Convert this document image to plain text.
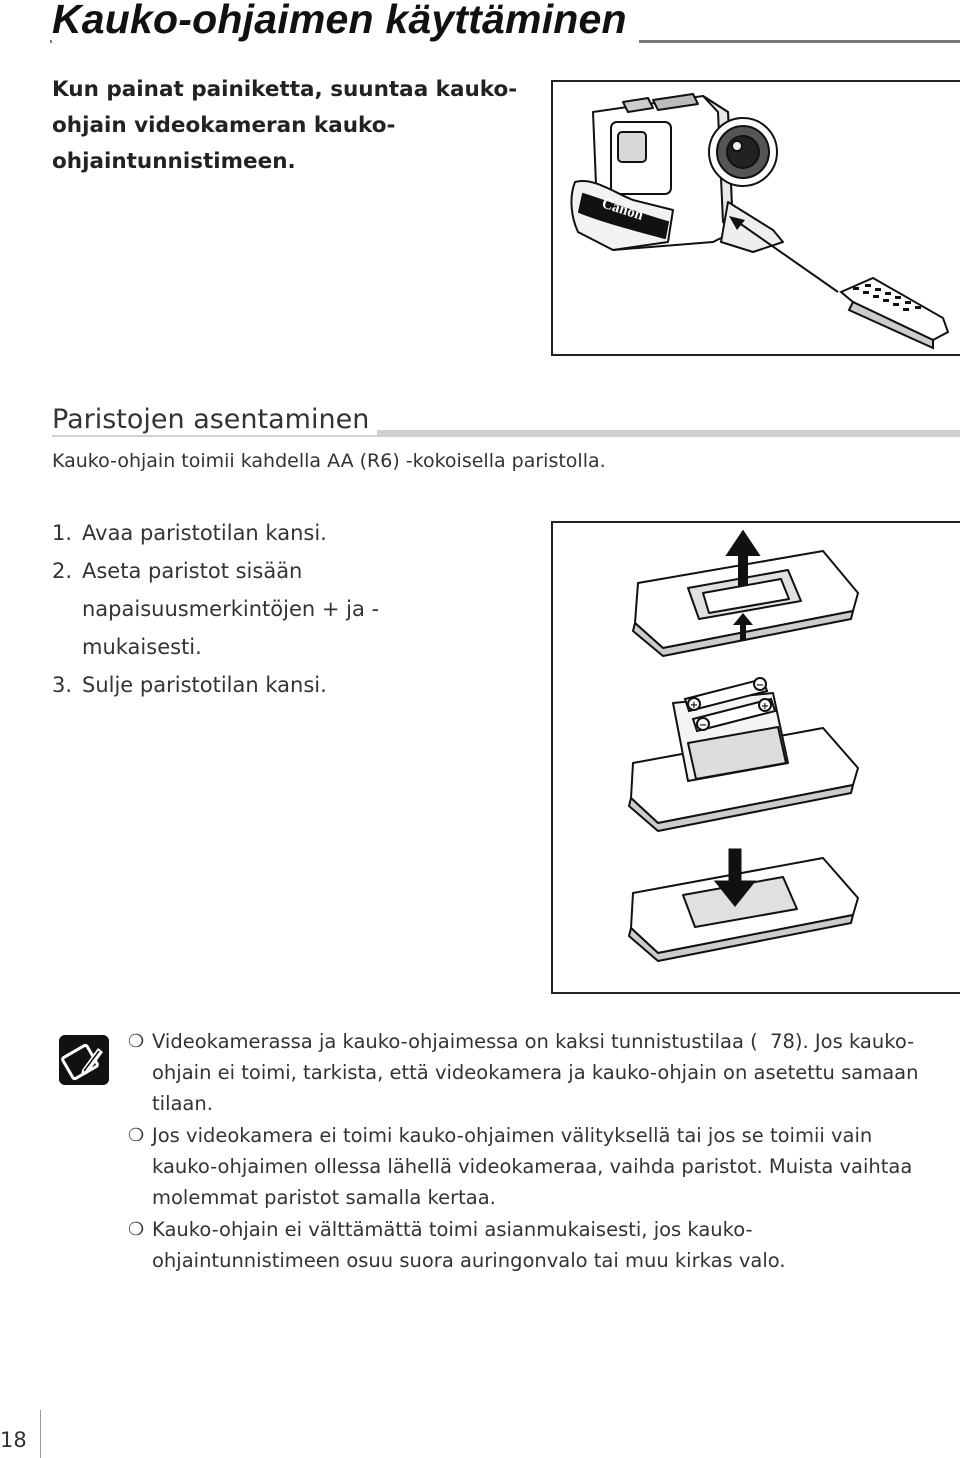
Kauko-ohjaimen käyttäminen

Kun painat painiketta, suuntaa kauko-ohjain videokameran kauko-ohjaintunnistimeen.

Canon
Paristojen asentaminen

Kauko-ohjain toimii kahdella AA (R6) -kokoisella paristolla.

1. Avaa paristotilan kansi.
2. Aseta paristot sisään napaisuusmerkintöjen + ja - mukaisesti.
3. Sulje paristotilan kansi.
+
−
−
+
❍ Videokamerassa ja kauko-ohjaimessa on kaksi tunnistustilaa (  78). Jos kauko-ohjain ei toimi, tarkista, että videokamera ja kauko-ohjain on asetettu samaan tilaan.
❍ Jos videokamera ei toimi kauko-ohjaimen välityksellä tai jos se toimii vain kauko-ohjaimen ollessa lähellä videokameraa, vaihda paristot. Muista vaihtaa molemmat paristot samalla kertaa.
❍ Kauko-ohjain ei välttämättä toimi asianmukaisesti, jos kauko-ohjaintunnistimeen osuu suora auringonvalo tai muu kirkas valo.
18
